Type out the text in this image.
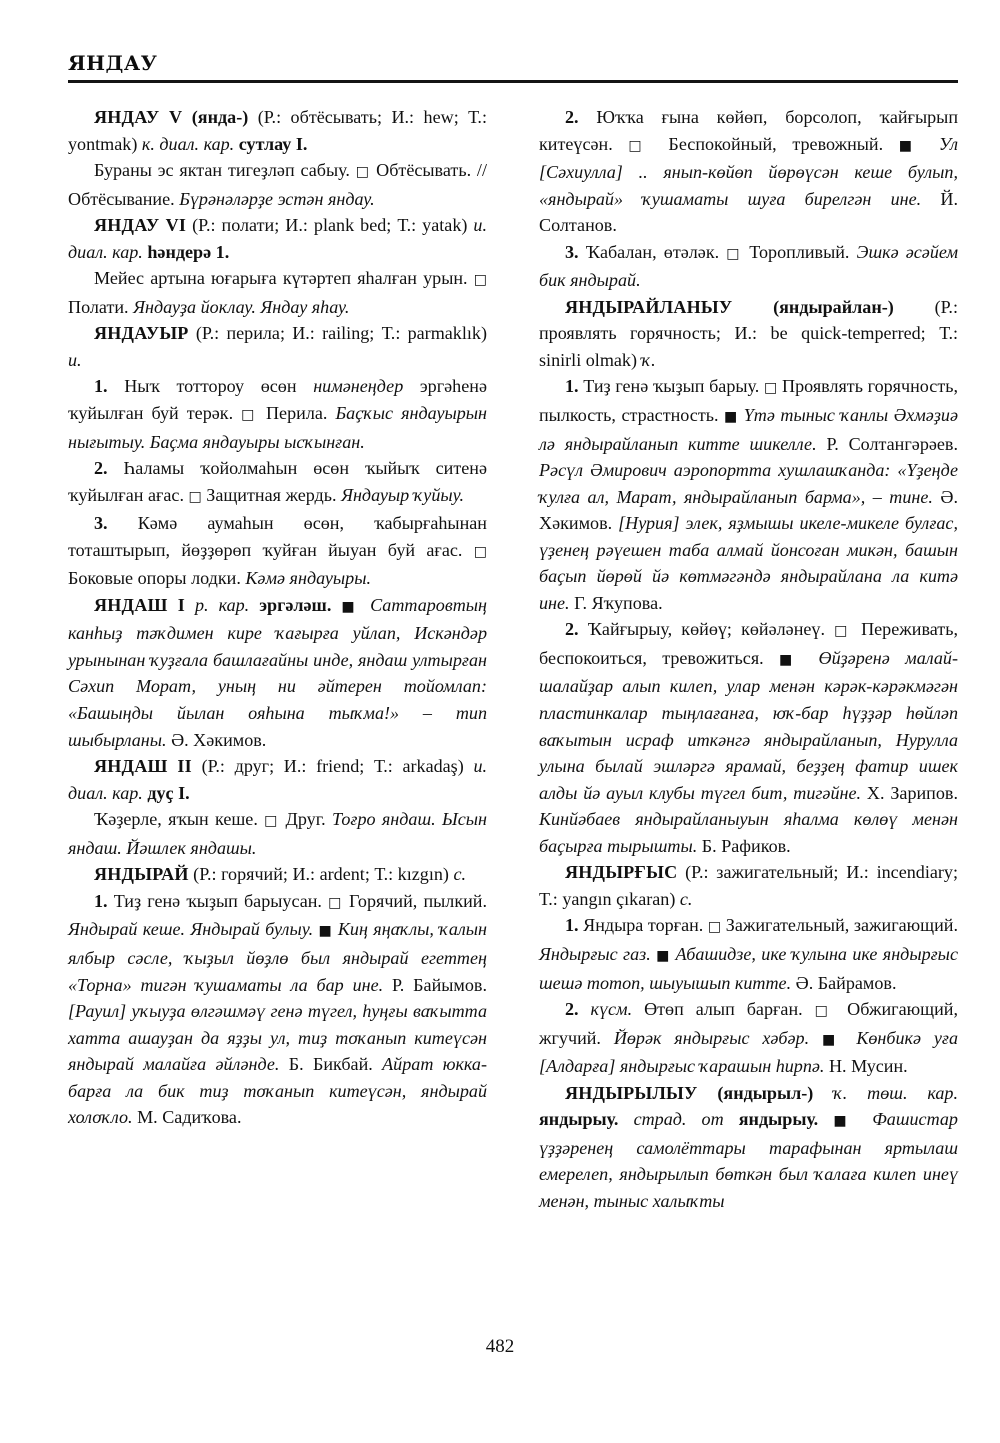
ЯНДАУ

ЯНДАУ V (янда-) (Р.: обтёсывать; И.: hew; Т.: yontmak) к. диал. кар. сутлау I.

Бураны эс яктан тигеҙләп сабыу. □ Обтёсывать. // Обтёсывание. Бүрәнәләрҙе эстән яндау.

ЯНДАУ VI (Р.: полати; И.: plank bed; Т.: yatak) и. диал. кар. һәндерә 1.

Мейес артына юғарыға күтәртеп яһалған урын. □ Полати. Яндауҙа йоклау. Яндау яһау.

ЯНДАУЫР (Р.: перила; И.: railing; Т.: parmaklık) и.

1. Ныҡ тоттороу өсөн нимәнеңдер эргәһенә ҡуйылған буй терәк. □ Перила. Баҫҡыс яндауырын нығытыу. Баҫма яндауыры ысҡынған.

2. Һаламы ҡойолмаһын өсөн ҡыйыҡ ситенә ҡуйылған ағас. □ Защитная жердь. Яндауыр ҡуйыу.

3. Кәмә аумаһын өсөн, ҡабырғаһынан тоташтырып, йөҙҙөрөп ҡуйған йыуан буй ағас. □ Боковые опоры лодки. Кәмә яндауыры.

ЯНДАШ I р. кар. эргәләш. ■ Саттаровтың канһыҙ тәҡдимен кире ҡағырға уйлап, Искәндәр урынынан ҡуҙғала башлағайны инде, яндаш ултырған Сәхип Морат, уның ни әйтерен тойомлап: «Башыңды йылан ояһына тыҡма!» – тип шыбырланы. Ә. Хәкимов.

ЯНДАШ II (Р.: друг; И.: friend; Т.: arkadaş) и. диал. кар. дуҫ I.

Ҡәҙерле, яҡын кеше. □ Друг. Тоғро яндаш. Ысын яндаш. Йәшлек яндашы.

ЯНДЫРАЙ (Р.: горячий; И.: ardent; Т.: kızgın) с.

1. Тиҙ генә ҡыҙып барыусан. □ Горячий, пылкий. Яндырай кеше. Яндырай булыу. ■ Киң яңаҡлы, ҡалын ялбыр сәсле, ҡыҙыл йөҙлө был яндырай егеттең «Торна» тигән ҡушаматы ла бар ине. Р. Байымов. [Рауил] уҡыуҙа өлгәшмәү генә түгел, һуңғы ваҡытта хатта ашауҙан да яҙҙы ул, тиҙ тоҡанып китеүсән яндырай малайға әйләнде. Б. Бикбай. Айрат юкка-барға ла бик тиҙ тоҡанып китеүсән, яндырай холоҡло. М. Садиҡова.

2. Юҡҡа ғына көйөп, борсолоп, ҡайғырып китеүсән. □ Беспокойный, тревожный. ■ Ул [Сәхиулла] .. янып-көйөп йөрөүсән кеше булып, «яндырай» ҡушаматы шуға бирелгән ине. Й. Солтанов.

3. Ҡабалан, өтәләк. □ Торопливый. Эшкә әсәйем бик яндырай.

ЯНДЫРАЙЛАНЫУ (яндырайлан-) (Р.: проявлять горячность; И.: be quick-temperred; Т.: sinirli olmak) ҡ.

1. Тиҙ генә ҡыҙып барыу. □ Проявлять горячность, пылкость, страстность. ■ Үтә тыныс ҡанлы Әхмәҙиә лә яндырайланып китте шикелле. Р. Солтангәрәев. Рәсүл Әмирович аэропортта хушлашҡанда: «Үҙеңде ҡулға ал, Марат, яндырайланып барма», – тине. Ә. Хәкимов. [Нурия] элек, яҙмышы икеле-микеле булғас, үҙенең рәүешен таба алмай йонсоған микән, башын баҫып йөрөй йә көтмәгәндә яндырайлана ла китә ине. Г. Яҡупова.

2. Ҡайғырыу, көйөү; көйәләнеү. □ Переживать, беспокоиться, тревожиться. ■ Өйҙәренә малай-шалайҙар алып килеп, улар менән кәрәк-кәрәкмәгән пластинкалар тыңлағанға, юҡ-бар һүҙҙәр һөйләп ваҡытын исраф иткәнгә яндырайланып, Нурулла улына былай эшләргә ярамай, беҙҙең фатир ишек алды йә ауыл клубы түгел бит, тигәйне. Х. Зарипов. Кинйәбаев яндырайланыуын яһалма көлөү менән баҫырға тырышты. Б. Рафиков.

ЯНДЫРҒЫС (Р.: зажигательный; И.: incendiary; Т.: yangın çıkaran) с.

1. Яндыра торған. □ Зажигательный, зажигающий. Яндырғыс газ. ■ Абашидзе, ике ҡулына ике яндырғыс шешә тотоп, шыуышып китте. Ә. Байрамов.

2. күсм. Өтөп алып барған. □ Обжигающий, жгучий. Йөрәк яндырғыс хәбәр. ■ Көнбикә уға [Алдарға] яндырғыс ҡарашын һирпә. Н. Мусин.

ЯНДЫРЫЛЫУ (яндырыл-) ҡ. төш. кар. яндырыу. страд. от яндырыу. ■ Фашистар үҙҙәренең самолёттары тарафынан яртылаш емерелеп, яндырылып бөткән был ҡалаға килеп инеү менән, тыныс халыҡты

482
